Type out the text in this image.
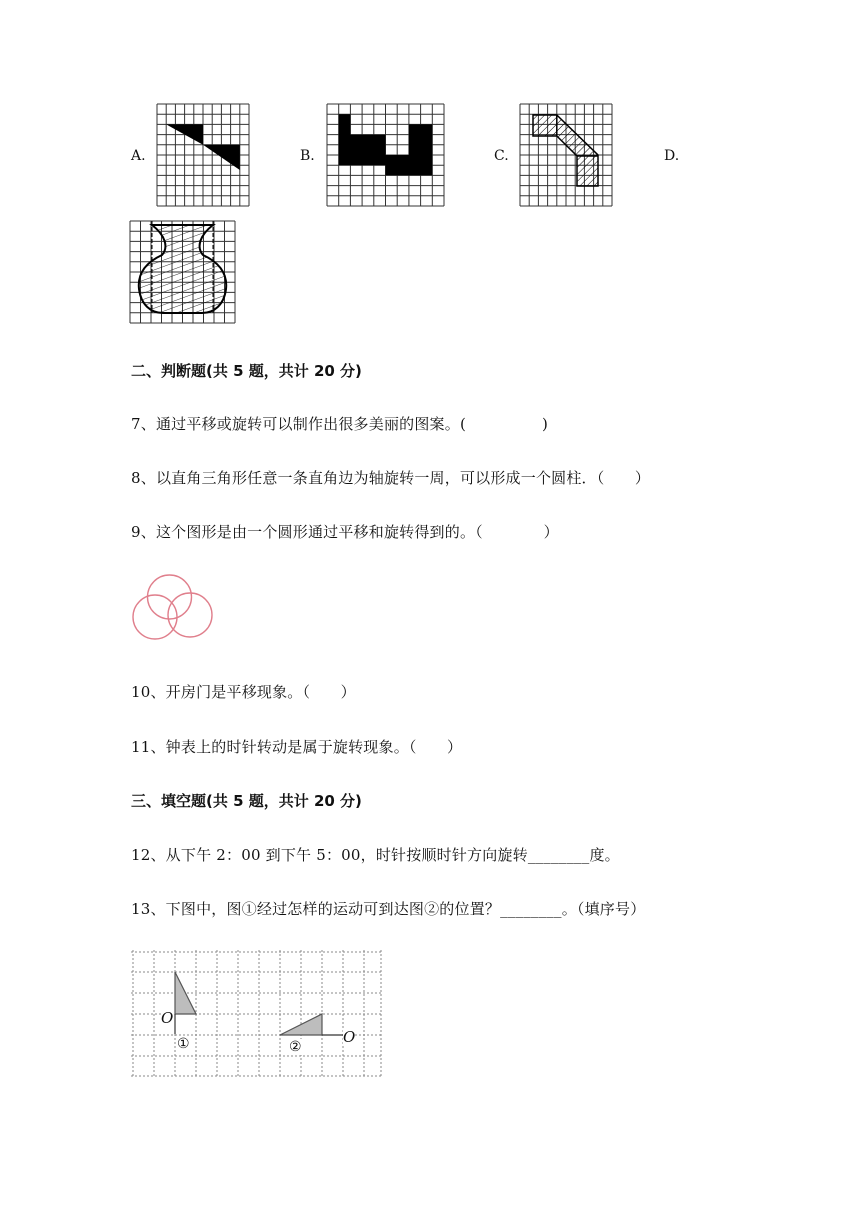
A.	B.	C.	D.
二、判断题(共 5 题，共计 20 分)
7、通过平移或旋转可以制作出很多美丽的图案。(　　　　　)
8、以直角三角形任意一条直角边为轴旋转一周，可以形成一个圆柱．（　　）
9、这个图形是由一个圆形通过平移和旋转得到的。（　　　　）
10、开房门是平移现象。（　　）
11、钟表上的时针转动是属于旋转现象。（　　）
三、填空题(共 5 题，共计 20 分)
12、从下午 2：00 到下午 5：00，时针按顺时针方向旋转________度。
13、下图中，图①经过怎样的运动可到达图②的位置？________。（填序号）
O
O
①	②
